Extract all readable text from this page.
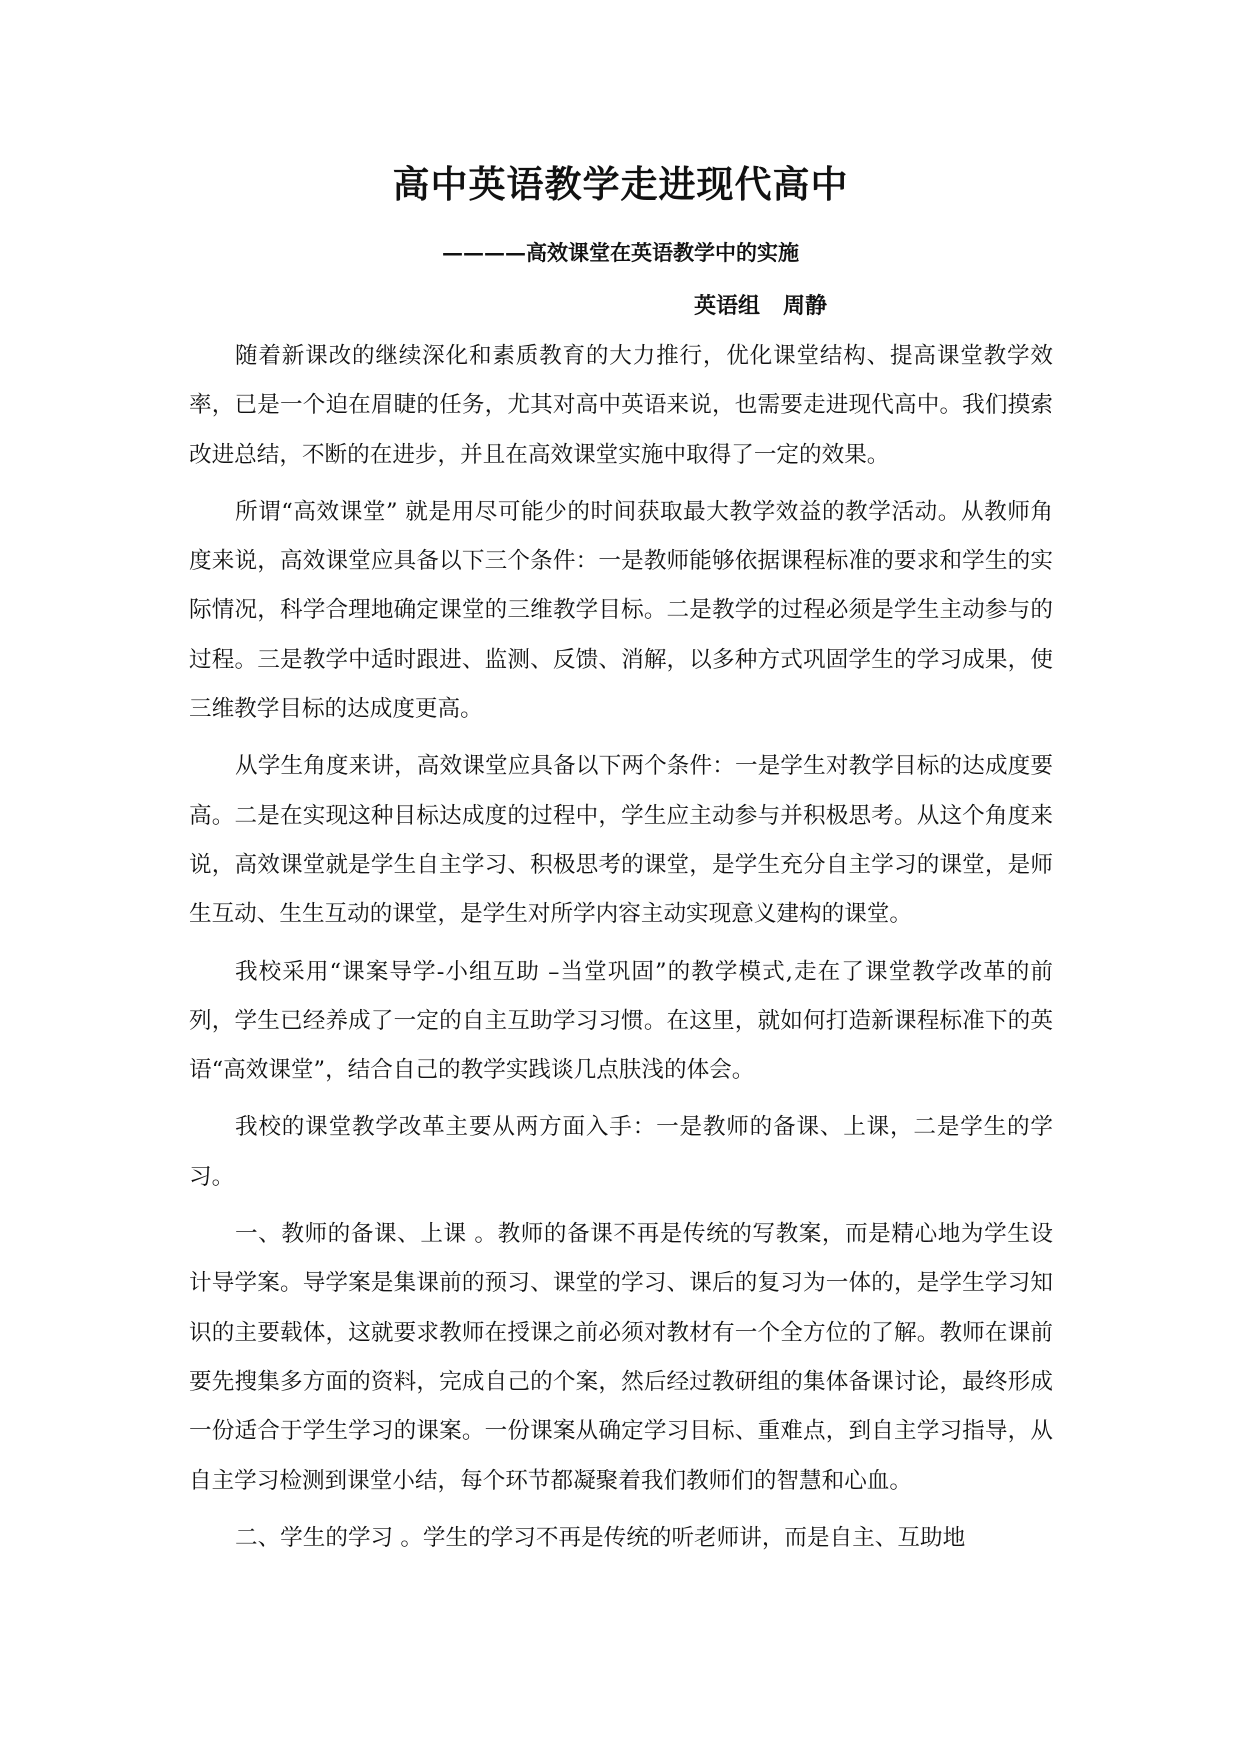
高中英语教学走进现代高中
————高效课堂在英语教学中的实施
英语组   周静

随着新课改的继续深化和素质教育的大力推行，优化课堂结构、提高课堂教学效率，已是一个迫在眉睫的任务，尤其对高中英语来说，也需要走进现代高中。我们摸索改进总结，不断的在进步，并且在高效课堂实施中取得了一定的效果。

所谓“高效课堂” 就是用尽可能少的时间获取最大教学效益的教学活动。从教师角度来说，高效课堂应具备以下三个条件：一是教师能够依据课程标准的要求和学生的实际情况，科学合理地确定课堂的三维教学目标。二是教学的过程必须是学生主动参与的过程。三是教学中适时跟进、监测、反馈、消解，以多种方式巩固学生的学习成果，使三维教学目标的达成度更高。

从学生角度来讲，高效课堂应具备以下两个条件：一是学生对教学目标的达成度要高。二是在实现这种目标达成度的过程中，学生应主动参与并积极思考。从这个角度来说，高效课堂就是学生自主学习、积极思考的课堂，是学生充分自主学习的课堂，是师生互动、生生互动的课堂，是学生对所学内容主动实现意义建构的课堂。

我校采用“课案导学-小组互助 –当堂巩固”的教学模式,走在了课堂教学改革的前列，学生已经养成了一定的自主互助学习习惯。在这里，就如何打造新课程标准下的英语“高效课堂”，结合自己的教学实践谈几点肤浅的体会。

我校的课堂教学改革主要从两方面入手：一是教师的备课、上课，二是学生的学习。

一、教师的备课、上课 。教师的备课不再是传统的写教案，而是精心地为学生设计导学案。导学案是集课前的预习、课堂的学习、课后的复习为一体的，是学生学习知识的主要载体，这就要求教师在授课之前必须对教材有一个全方位的了解。教师在课前要先搜集多方面的资料，完成自己的个案，然后经过教研组的集体备课讨论，最终形成一份适合于学生学习的课案。一份课案从确定学习目标、重难点，到自主学习指导，从自主学习检测到课堂小结，每个环节都凝聚着我们教师们的智慧和心血。

二、学生的学习 。学生的学习不再是传统的听老师讲，而是自主、互助地
